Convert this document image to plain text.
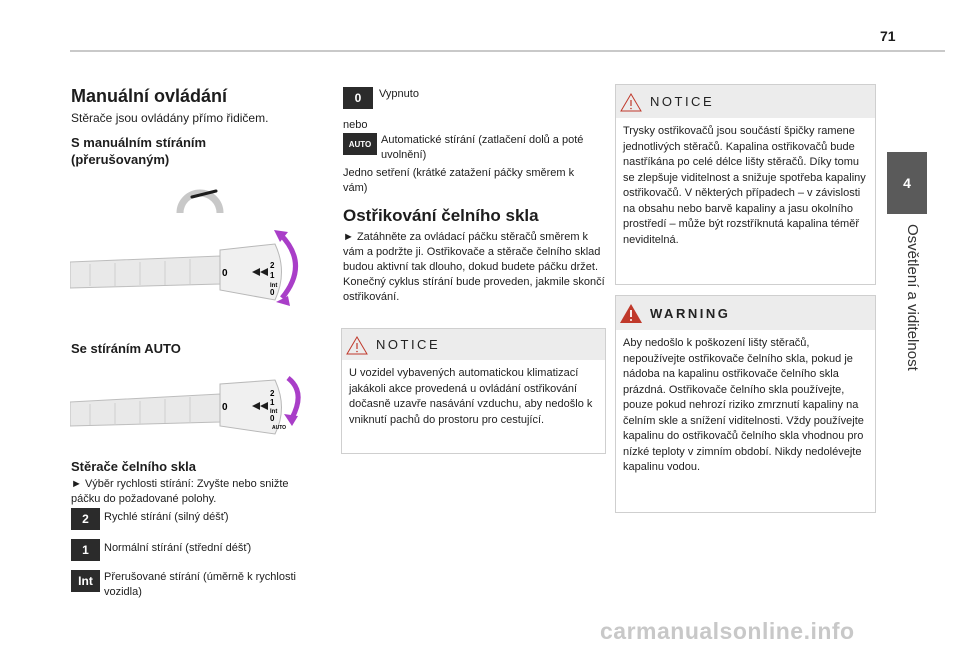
71
4
Osvětlení a viditelnost
Manuální ovládání
Stěrače jsou ovládány přímo řidičem.
S manuálním stíráním (přerušovaným)
2
1
Int
0
0
Se stíráním AUTO
2
1
Int
0
AUTO
0
Stěrače čelního skla
► Výběr rychlosti stírání: Zvyšte nebo snižte páčku do požadované polohy.
2	Rychlé stírání (silný déšť)
1	Normální stírání (střední déšť)
Int	Přerušované stírání (úměrně k rychlosti vozidla)
0	Vypnuto
nebo
AUTO Automatické stírání (zatlačení dolů a poté uvolnění)
Jedno setření (krátké zatažení páčky směrem k vám)
Ostřikování čelního skla
► Zatáhněte za ovládací páčku stěračů směrem k vám a podržte ji. Ostřikovače a stěrače čelního sklad budou aktivní tak dlouho, dokud budete páčku držet. Konečný cyklus stírání bude proveden, jakmile skončí ostřikování.
NOTICE
U vozidel vybavených automatickou klimatizací jakákoli akce provedená u ovládání ostřikování dočasně uzavře nasávání vzduchu, aby nedošlo k vniknutí pachů do prostoru pro cestující.
NOTICE
Trysky ostřikovačů jsou součástí špičky ramene jednotlivých stěračů. Kapalina ostřikovačů bude nastříkána po celé délce lišty stěračů. Díky tomu se zlepšuje viditelnost a snižuje spotřeba kapaliny ostřikovačů. V některých případech – v závislosti na obsahu nebo barvě kapaliny a jasu okolního prostředí – může být rozstříknutá kapalina téměř neviditelná.
WARNING
Aby nedošlo k poškození lišty stěračů, nepoužívejte ostřikovače čelního skla, pokud je nádoba na kapalinu ostřikovače čelního skla prázdná. Ostřikovače čelního skla používejte, pouze pokud nehrozí riziko zmrznutí kapaliny na čelním skle a snížení viditelnosti. Vždy používejte kapalinu do ostřikovačů čelního skla vhodnou pro nízké teploty v zimním období. Nikdy nedolévejte kapalinu vodou.
carmanualsonline.info
